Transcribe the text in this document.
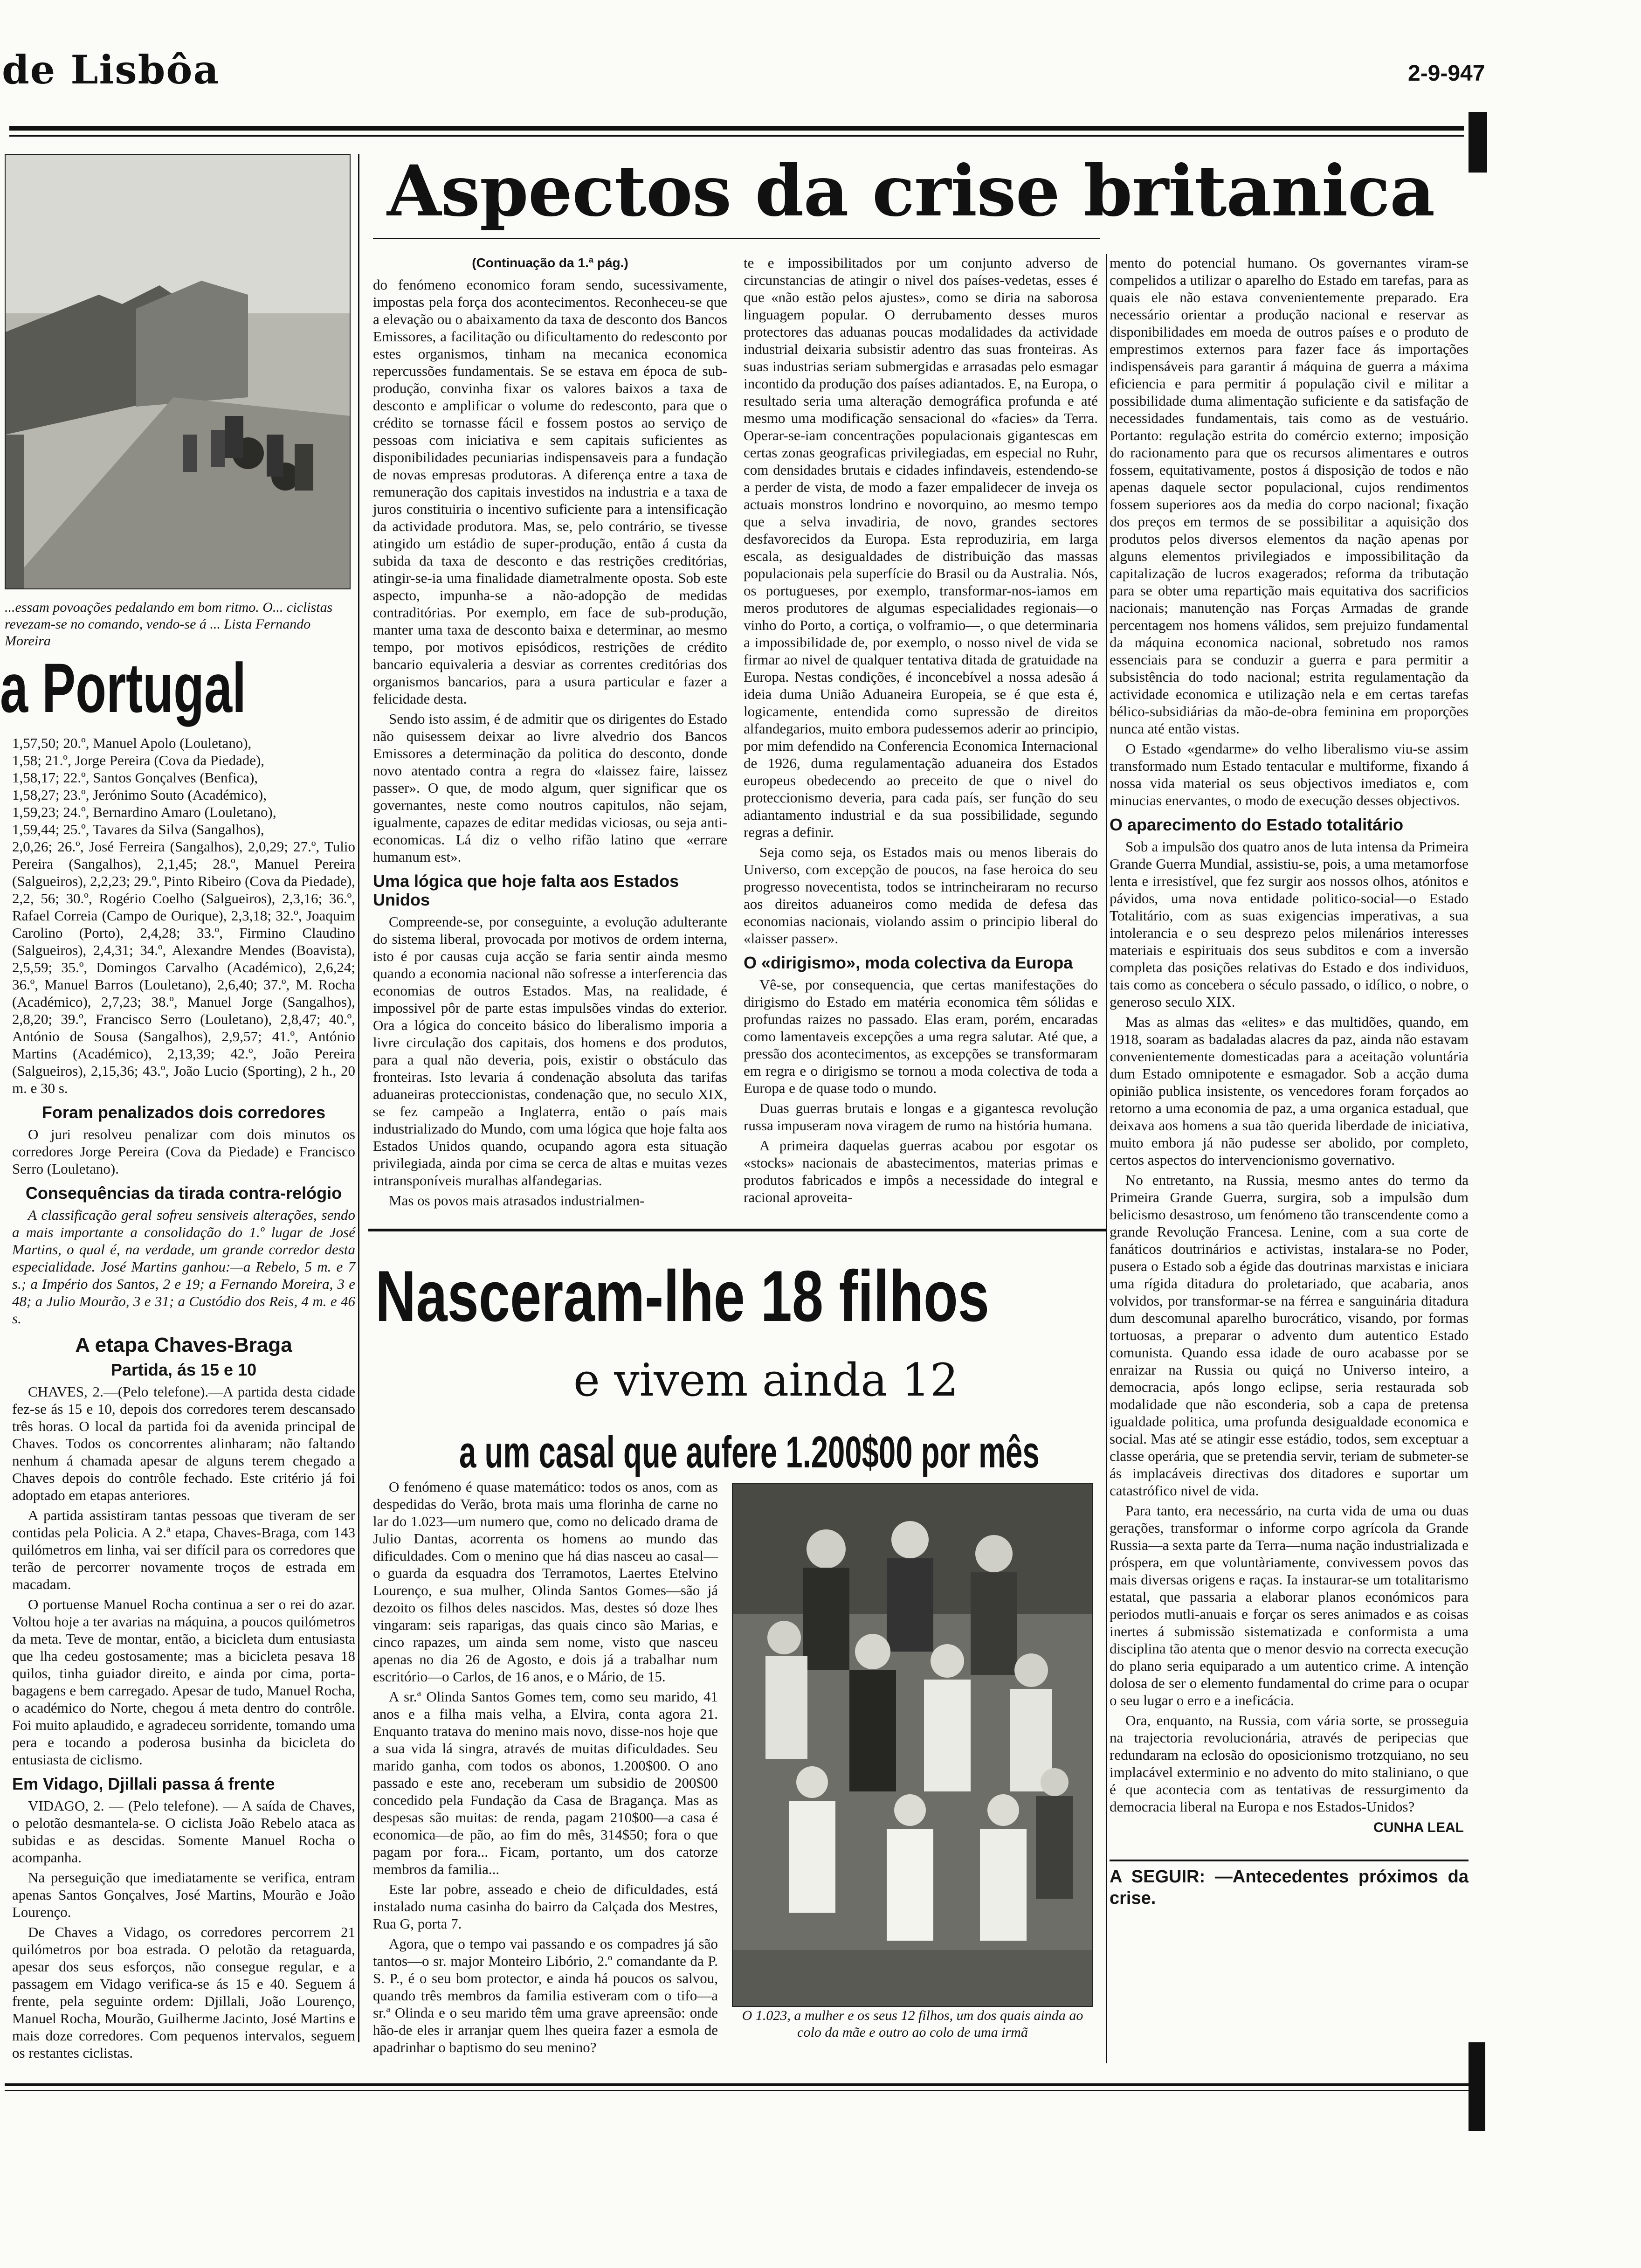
de Lisbôa	2-9-947
...essam povoações pedalando em bom ritmo. O... ciclistas revezam-se no comando, vendo-se á ... Lista Fernando Moreira
a Portugal

1,57,50; 20.º, Manuel Apolo (Louletano),

1,58; 21.º, Jorge Pereira (Cova da Piedade),

1,58,17; 22.º, Santos Gonçalves (Benfica),

1,58,27; 23.º, Jerónimo Souto (Académico),

1,59,23; 24.º, Bernardino Amaro (Louletano),

1,59,44; 25.º, Tavares da Silva (Sangalhos),

2,0,26; 26.º, José Ferreira (Sangalhos), 2,0,29; 27.º, Tulio Pereira (Sangalhos), 2,1,45; 28.º, Manuel Pereira (Salgueiros), 2,2,23; 29.º, Pinto Ribeiro (Cova da Piedade), 2,2, 56; 30.º, Rogério Coelho (Salgueiros), 2,3,16; 36.º, Rafael Correia (Campo de Ourique), 2,3,18; 32.º, Joaquim Carolino (Porto), 2,4,28; 33.º, Firmino Claudino (Salgueiros), 2,4,31; 34.º, Alexandre Mendes (Boavista), 2,5,59; 35.º, Domingos Carvalho (Académico), 2,6,24; 36.º, Manuel Barros (Louletano), 2,6,40; 37.º, M. Rocha (Académico), 2,7,23; 38.º, Manuel Jorge (Sangalhos), 2,8,20; 39.º, Francisco Serro (Louletano), 2,8,47; 40.º, António de Sousa (Sangalhos), 2,9,57; 41.º, António Martins (Académico), 2,13,39; 42.º, João Pereira (Salgueiros), 2,15,36; 43.º, João Lucio (Sporting), 2 h., 20 m. e 30 s.

Foram penalizados dois corredores

O juri resolveu penalizar com dois minutos os corredores Jorge Pereira (Cova da Piedade) e Francisco Serro (Louletano).

Consequências da tirada contra-relógio

A classificação geral sofreu sensiveis alterações, sendo a mais importante a consolidação do 1.º lugar de José Martins, o qual é, na verdade, um grande corredor desta especialidade. José Martins ganhou:—a Rebelo, 5 m. e 7 s.; a Império dos Santos, 2 e 19; a Fernando Moreira, 3 e 48; a Julio Mourão, 3 e 31; a Custódio dos Reis, 4 m. e 46 s.

A etapa Chaves-Braga
Partida, ás 15 e 10

CHAVES, 2.—(Pelo telefone).—A partida desta cidade fez-se ás 15 e 10, depois dos corredores terem descansado três horas. O local da partida foi da avenida principal de Chaves. Todos os concorrentes alinharam; não faltando nenhum á chamada apesar de alguns terem chegado a Chaves depois do contrôle fechado. Este critério já foi adoptado em etapas anteriores.

A partida assistiram tantas pessoas que tiveram de ser contidas pela Policia. A 2.ª etapa, Chaves-Braga, com 143 quilómetros em linha, vai ser difícil para os corredores que terão de percorrer novamente troços de estrada em macadam.

O portuense Manuel Rocha continua a ser o rei do azar. Voltou hoje a ter avarias na máquina, a poucos quilómetros da meta. Teve de montar, então, a bicicleta dum entusiasta que lha cedeu gostosamente; mas a bicicleta pesava 18 quilos, tinha guiador direito, e ainda por cima, porta-bagagens e bem carregado. Apesar de tudo, Manuel Rocha, o académico do Norte, chegou á meta dentro do contrôle. Foi muito aplaudido, e agradeceu sorridente, tomando uma pera e tocando a poderosa businha da bicicleta do entusiasta de ciclismo.

Em Vidago, Djillali passa á frente

VIDAGO, 2. — (Pelo telefone). — A saída de Chaves, o pelotão desmantela-se. O ciclista João Rebelo ataca as subidas e as descidas. Somente Manuel Rocha o acompanha.

Na perseguição que imediatamente se verifica, entram apenas Santos Gonçalves, José Martins, Mourão e João Lourenço.

De Chaves a Vidago, os corredores percorrem 21 quilómetros por boa estrada. O pelotão da retaguarda, apesar dos seus esforços, não consegue regular, e a passagem em Vidago verifica-se ás 15 e 40. Seguem á frente, pela seguinte ordem: Djillali, João Lourenço, Manuel Rocha, Mourão, Guilherme Jacinto, José Martins e mais doze corredores. Com pequenos intervalos, seguem os restantes ciclistas.

Aspectos da crise britanica
(Continuação da 1.ª pág.)

do fenómeno economico foram sendo, sucessivamente, impostas pela força dos acontecimentos. Reconheceu-se que a elevação ou o abaixamento da taxa de desconto dos Bancos Emissores, a facilitação ou dificultamento do redesconto por estes organismos, tinham na mecanica economica repercussões fundamentais. Se se estava em época de sub-produção, convinha fixar os valores baixos a taxa de desconto e amplificar o volume do redesconto, para que o crédito se tornasse fácil e fossem postos ao serviço de pessoas com iniciativa e sem capitais suficientes as disponibilidades pecuniarias indispensaveis para a fundação de novas empresas produtoras. A diferença entre a taxa de remuneração dos capitais investidos na industria e a taxa de juros constituiria o incentivo suficiente para a intensificação da actividade produtora. Mas, se, pelo contrário, se tivesse atingido um estádio de super-produção, então á custa da subida da taxa de desconto e das restrições creditórias, atingir-se-ia uma finalidade diametralmente oposta. Sob este aspecto, impunha-se a não-adopção de medidas contraditórias. Por exemplo, em face de sub-produção, manter uma taxa de desconto baixa e determinar, ao mesmo tempo, por motivos episódicos, restrições de crédito bancario equivaleria a desviar as correntes creditórias dos organismos bancarios, para a usura particular e fazer a felicidade desta.

Sendo isto assim, é de admitir que os dirigentes do Estado não quisessem deixar ao livre alvedrio dos Bancos Emissores a determinação da politica do desconto, donde novo atentado contra a regra do «laissez faire, laissez passer». O que, de modo algum, quer significar que os governantes, neste como noutros capitulos, não sejam, igualmente, capazes de editar medidas viciosas, ou seja anti-economicas. Lá diz o velho rifão latino que «errare humanum est».

Uma lógica que hoje falta aos Estados Unidos

Compreende-se, por conseguinte, a evolução adulterante do sistema liberal, provocada por motivos de ordem interna, isto é por causas cuja acção se faria sentir ainda mesmo quando a economia nacional não sofresse a interferencia das economias de outros Estados. Mas, na realidade, é impossivel pôr de parte estas impulsões vindas do exterior. Ora a lógica do conceito básico do liberalismo imporia a livre circulação dos capitais, dos homens e dos produtos, para a qual não deveria, pois, existir o obstáculo das fronteiras. Isto levaria á condenação absoluta das tarifas aduaneiras proteccionistas, condenação que, no seculo XIX, se fez campeão a Inglaterra, então o país mais industrializado do Mundo, com uma lógica que hoje falta aos Estados Unidos quando, ocupando agora esta situação privilegiada, ainda por cima se cerca de altas e muitas vezes intransponíveis muralhas alfandegarias.

Mas os povos mais atrasados industrialmen-

te e impossibilitados por um conjunto adverso de circunstancias de atingir o nivel dos países-vedetas, esses é que «não estão pelos ajustes», como se diria na saborosa linguagem popular. O derrubamento desses muros protectores das aduanas poucas modalidades da actividade industrial deixaria subsistir adentro das suas fronteiras. As suas industrias seriam submergidas e arrasadas pelo esmagar incontido da produção dos países adiantados. E, na Europa, o resultado seria uma alteração demográfica profunda e até mesmo uma modificação sensacional do «facies» da Terra. Operar-se-iam concentrações populacionais gigantescas em certas zonas geograficas privilegiadas, em especial no Ruhr, com densidades brutais e cidades infindaveis, estendendo-se a perder de vista, de modo a fazer empalidecer de inveja os actuais monstros londrino e novorquino, ao mesmo tempo que a selva invadiria, de novo, grandes sectores desfavorecidos da Europa. Esta reproduziria, em larga escala, as desigualdades de distribuição das massas populacionais pela superfície do Brasil ou da Australia. Nós, os portugueses, por exemplo, transformar-nos-iamos em meros produtores de algumas especialidades regionais—o vinho do Porto, a cortiça, o volframio—, o que determinaria a impossibilidade de, por exemplo, o nosso nivel de vida se firmar ao nivel de qualquer tentativa ditada de gratuidade na Europa. Nestas condições, é inconcebível a nossa adesão á ideia duma União Aduaneira Europeia, se é que esta é, logicamente, entendida como supressão de direitos alfandegarios, muito embora pudessemos aderir ao principio, por mim defendido na Conferencia Economica Internacional de 1926, duma regulamentação aduaneira dos Estados europeus obedecendo ao preceito de que o nivel do proteccionismo deveria, para cada país, ser função do seu adiantamento industrial e da sua possibilidade, segundo regras a definir.

Seja como seja, os Estados mais ou menos liberais do Universo, com excepção de poucos, na fase heroica do seu progresso novecentista, todos se intrincheiraram no recurso aos direitos aduaneiros como medida de defesa das economias nacionais, violando assim o principio liberal do «laisser passer».

O «dirigismo», moda colectiva da Europa

Vê-se, por consequencia, que certas manifestações do dirigismo do Estado em matéria economica têm sólidas e profundas raizes no passado. Elas eram, porém, encaradas como lamentaveis excepções a uma regra salutar. Até que, a pressão dos acontecimentos, as excepções se transformaram em regra e o dirigismo se tornou a moda colectiva de toda a Europa e de quase todo o mundo.

Duas guerras brutais e longas e a gigantesca revolução russa impuseram nova viragem de rumo na história humana.

A primeira daquelas guerras acabou por esgotar os «stocks» nacionais de abastecimentos, materias primas e produtos fabricados e impôs a necessidade do integral e racional aproveita-

mento do potencial humano. Os governantes viram-se compelidos a utilizar o aparelho do Estado em tarefas, para as quais ele não estava convenientemente preparado. Era necessário orientar a produção nacional e reservar as disponibilidades em moeda de outros países e o produto de emprestimos externos para fazer face ás importações indispensáveis para garantir á máquina de guerra a máxima eficiencia e para permitir á população civil e militar a possibilidade duma alimentação suficiente e da satisfação de necessidades fundamentais, tais como as de vestuário. Portanto: regulação estrita do comércio externo; imposição do racionamento para que os recursos alimentares e outros fossem, equitativamente, postos á disposição de todos e não apenas daquele sector populacional, cujos rendimentos fossem superiores aos da media do corpo nacional; fixação dos preços em termos de se possibilitar a aquisição dos produtos pelos diversos elementos da nação apenas por alguns elementos privilegiados e impossibilitação da capitalização de lucros exagerados; reforma da tributação para se obter uma repartição mais equitativa dos sacrificios nacionais; manutenção nas Forças Armadas de grande percentagem nos homens válidos, sem prejuizo fundamental da máquina economica nacional, sobretudo nos ramos essenciais para se conduzir a guerra e para permitir a subsistência do todo nacional; estrita regulamentação da actividade economica e utilização nela e em certas tarefas bélico-subsidiárias da mão-de-obra feminina em proporções nunca até então vistas.

O Estado «gendarme» do velho liberalismo viu-se assim transformado num Estado tentacular e multiforme, fixando á nossa vida material os seus objectivos imediatos e, com minucias enervantes, o modo de execução desses objectivos.

O aparecimento do Estado totalitário

Sob a impulsão dos quatro anos de luta intensa da Primeira Grande Guerra Mundial, assistiu-se, pois, a uma metamorfose lenta e irresistível, que fez surgir aos nossos olhos, atónitos e pávidos, uma nova entidade politico-social—o Estado Totalitário, com as suas exigencias imperativas, a sua intolerancia e o seu desprezo pelos milenários interesses materiais e espirituais dos seus subditos e com a inversão completa das posições relativas do Estado e dos individuos, tais como as concebera o século passado, o idílico, o nobre, o generoso seculo XIX.

Mas as almas das «elites» e das multidões, quando, em 1918, soaram as badaladas alacres da paz, ainda não estavam convenientemente domesticadas para a aceitação voluntária dum Estado omnipotente e esmagador. Sob a acção duma opinião publica insistente, os vencedores foram forçados ao retorno a uma economia de paz, a uma organica estadual, que deixava aos homens a sua tão querida liberdade de iniciativa, muito embora já não pudesse ser abolido, por completo, certos aspectos do intervencionismo governativo.

No entretanto, na Russia, mesmo antes do termo da Primeira Grande Guerra, surgira, sob a impulsão dum belicismo desastroso, um fenómeno tão transcendente como a grande Revolução Francesa. Lenine, com a sua corte de fanáticos doutrinários e activistas, instalara-se no Poder, pusera o Estado sob a égide das doutrinas marxistas e iniciara uma rígida ditadura do proletariado, que acabaria, anos volvidos, por transformar-se na férrea e sanguinária ditadura dum descomunal aparelho burocrático, visando, por formas tortuosas, a preparar o advento dum autentico Estado comunista. Quando essa idade de ouro acabasse por se enraizar na Russia ou quiçá no Universo inteiro, a democracia, após longo eclipse, seria restaurada sob modalidade que não esconderia, sob a capa de pretensa igualdade politica, uma profunda desigualdade economica e social. Mas até se atingir esse estádio, todos, sem exceptuar a classe operária, que se pretendia servir, teriam de submeter-se ás implacáveis directivas dos ditadores e suportar um catastrófico nivel de vida.

Para tanto, era necessário, na curta vida de uma ou duas gerações, transformar o informe corpo agrícola da Grande Russia—a sexta parte da Terra—numa nação industrializada e próspera, em que voluntàriamente, convivessem povos das mais diversas origens e raças. Ia instaurar-se um totalitarismo estatal, que passaria a elaborar planos económicos para periodos mutli-anuais e forçar os seres animados e as coisas inertes á submissão sistematizada e conformista a uma disciplina tão atenta que o menor desvio na correcta execução do plano seria equiparado a um autentico crime. A intenção dolosa de ser o elemento fundamental do crime para o ocupar o seu lugar o erro e a ineficácia.

Ora, enquanto, na Russia, com vária sorte, se prosseguia na trajectoria revolucionária, através de peripecias que redundaram na eclosão do oposicionismo trotzquiano, no seu implacável exterminio e no advento do mito staliniano, o que é que acontecia com as tentativas de ressurgimento da democracia liberal na Europa e nos Estados-Unidos?

CUNHA LEAL
A SEGUIR: —Antecedentes próximos da crise.
Nasceram-lhe 18 filhos
e vivem ainda 12
a um casal que aufere 1.200$00 por mês

O fenómeno é quase matemático: todos os anos, com as despedidas do Verão, brota mais uma florinha de carne no lar do 1.023—um numero que, como no delicado drama de Julio Dantas, acorrenta os homens ao mundo das dificuldades. Com o menino que há dias nasceu ao casal—o guarda da esquadra dos Terramotos, Laertes Etelvino Lourenço, e sua mulher, Olinda Santos Gomes—são já dezoito os filhos deles nascidos. Mas, destes só doze lhes vingaram: seis raparigas, das quais cinco são Marias, e cinco rapazes, um ainda sem nome, visto que nasceu apenas no dia 26 de Agosto, e dois já a trabalhar num escritório—o Carlos, de 16 anos, e o Mário, de 15.

A sr.ª Olinda Santos Gomes tem, como seu marido, 41 anos e a filha mais velha, a Elvira, conta agora 21. Enquanto tratava do menino mais novo, disse-nos hoje que a sua vida lá singra, através de muitas dificuldades. Seu marido ganha, com todos os abonos, 1.200$00. O ano passado e este ano, receberam um subsidio de 200$00 concedido pela Fundação da Casa de Bragança. Mas as despesas são muitas: de renda, pagam 210$00—a casa é economica—de pão, ao fim do mês, 314$50; fora o que pagam por fora... Ficam, portanto, um dos catorze membros da familia...

Este lar pobre, asseado e cheio de dificuldades, está instalado numa casinha do bairro da Calçada dos Mestres, Rua G, porta 7.

Agora, que o tempo vai passando e os compadres já são tantos—o sr. major Monteiro Libório, 2.º comandante da P. S. P., é o seu bom protector, e ainda há poucos os salvou, quando três membros da familia estiveram com o tifo—a sr.ª Olinda e o seu marido têm uma grave apreensão: onde hão-de eles ir arranjar quem lhes queira fazer a esmola de apadrinhar o baptismo do seu menino?

O 1.023, a mulher e os seus 12 filhos, um dos quais ainda ao colo da mãe e outro ao colo de uma irmã
